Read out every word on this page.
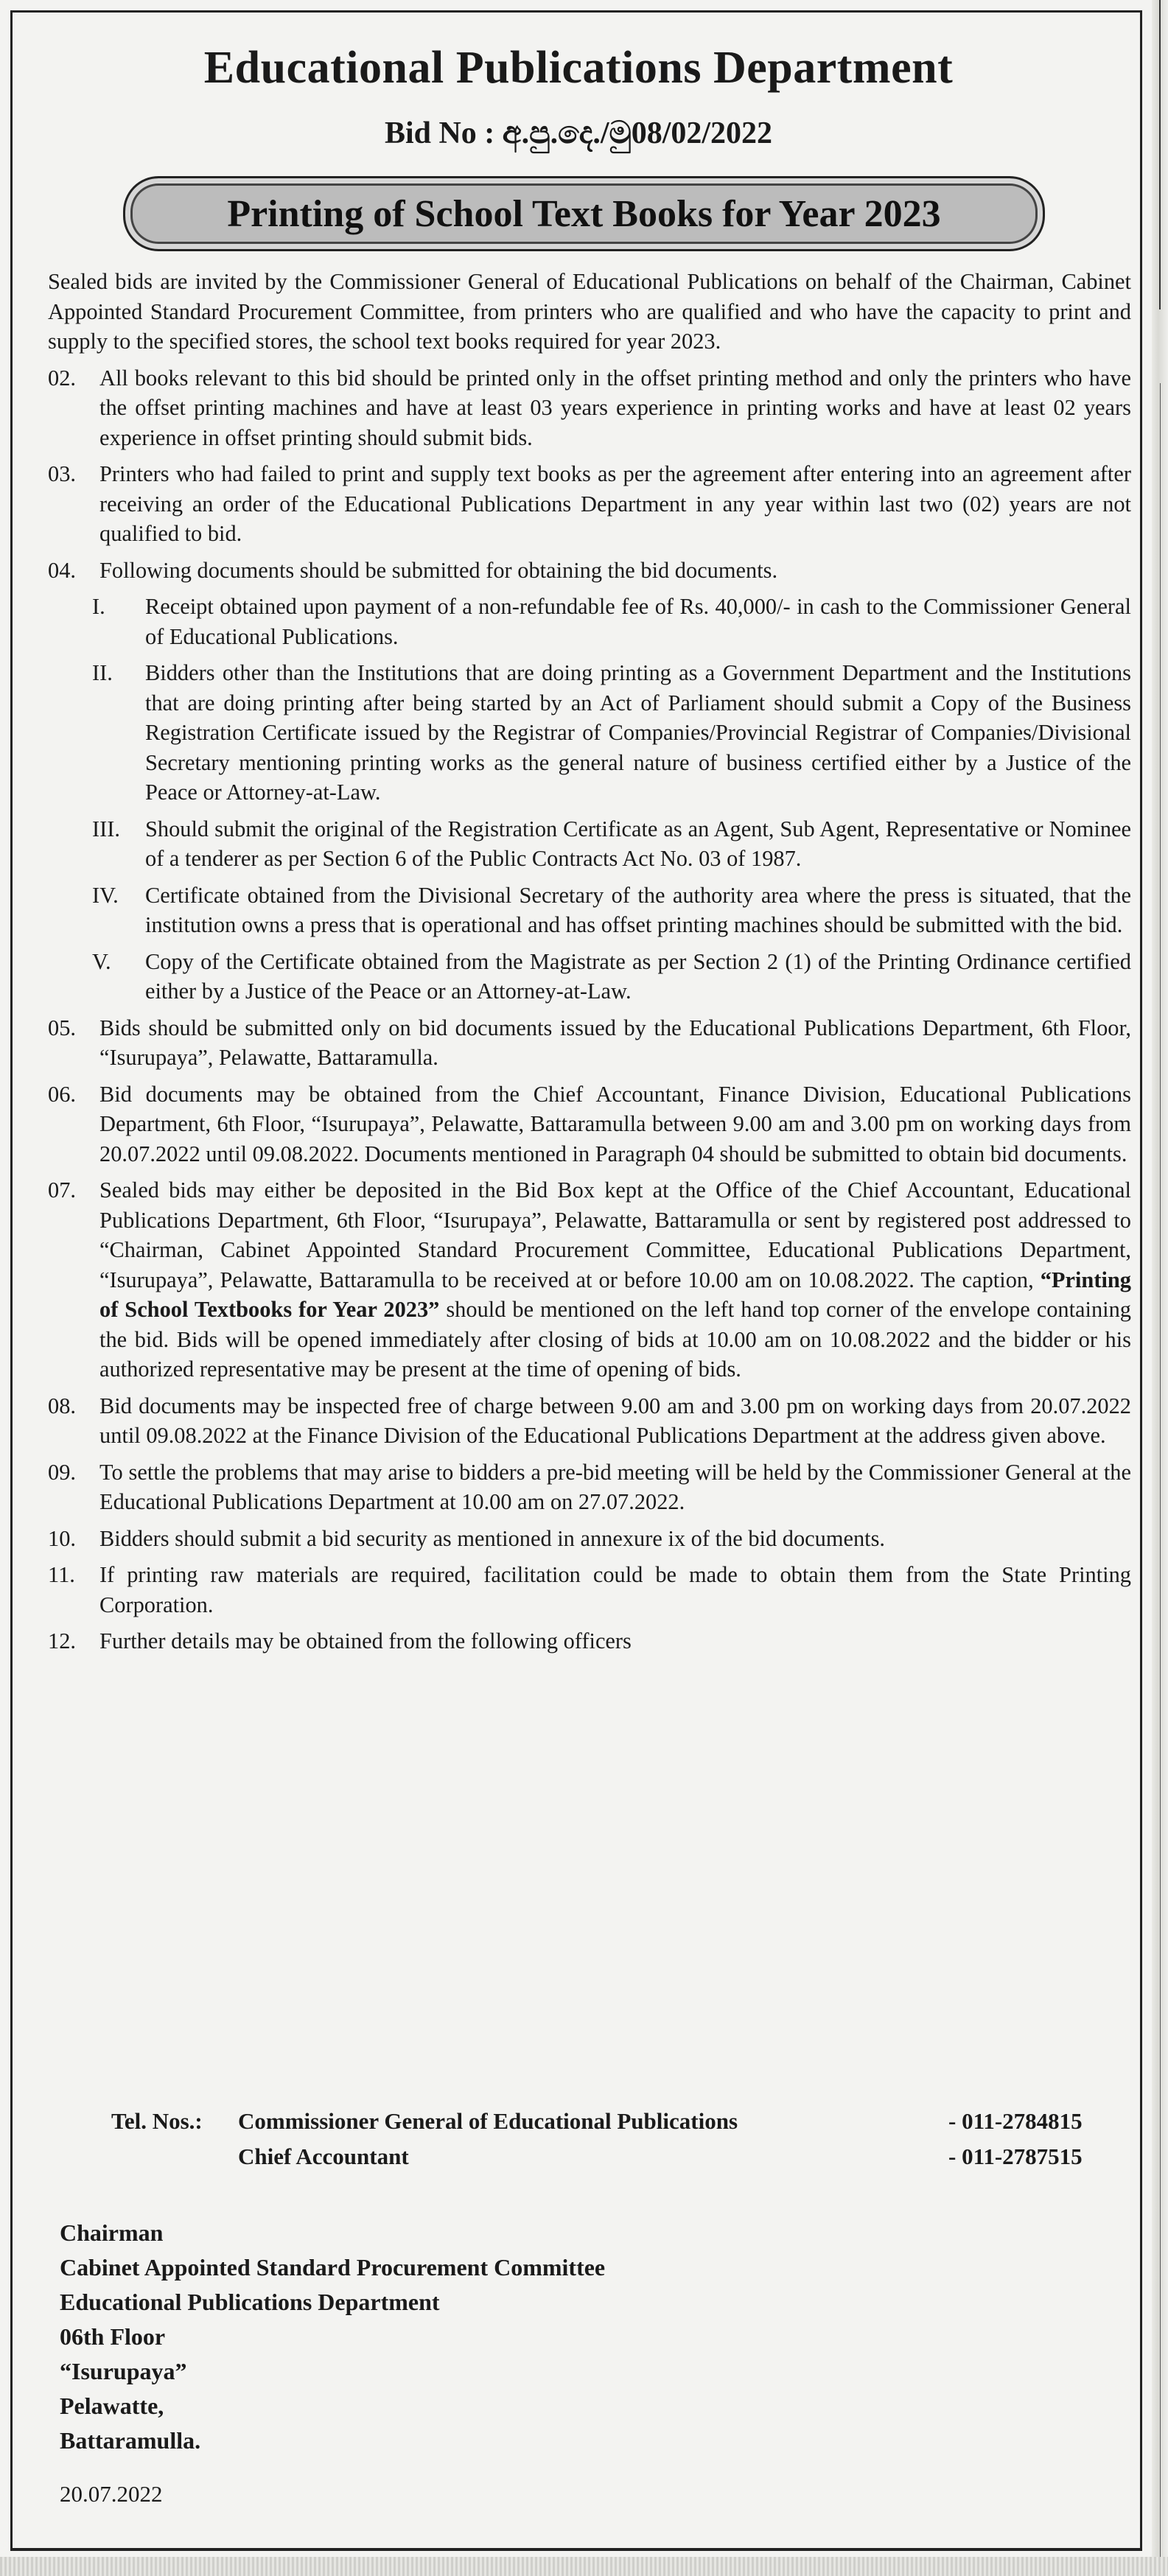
Educational Publications Department
Bid No : අ.පු.දෙ./මු08/02/2022
Printing of School Text Books for Year 2023

Sealed bids are invited by the Commissioner General of Educational Publications on behalf of the Chairman, Cabinet Appointed Standard Procurement Committee, from printers who are qualified and who have the capacity to print and supply to the specified stores, the school text books required for year 2023.

02.	All books relevant to this bid should be printed only in the offset printing method and only the printers who have the offset printing machines and have at least 03 years experience in printing works and have at least 02 years experience in offset printing should submit bids.
03.	Printers who had failed to print and supply text books as per the agreement after entering into an agreement after receiving an order of the Educational Publications Department in any year within last two (02) years are not qualified to bid.
04.	Following documents should be submitted for obtaining the bid documents.
I.	Receipt obtained upon payment of a non-refundable fee of Rs. 40,000/- in cash to the Commissioner General of Educational Publications.
II.	Bidders other than the Institutions that are doing printing as a Government Department and the Institutions that are doing printing after being started by an Act of Parliament should submit a Copy of the Business Registration Certificate issued by the Registrar of Companies/Provincial Registrar of Companies/Divisional Secretary mentioning printing works as the general nature of business certified either by a Justice of the Peace or Attorney-at-Law.
III.	Should submit the original of the Registration Certificate as an Agent, Sub Agent, Representative or Nominee of a tenderer as per Section 6 of the Public Contracts Act No. 03 of 1987.
IV.	Certificate obtained from the Divisional Secretary of the authority area where the press is situated, that the institution owns a press that is operational and has offset printing machines should be submitted with the bid.
V.	Copy of the Certificate obtained from the Magistrate as per Section 2 (1) of the Printing Ordinance certified either by a Justice of the Peace or an Attorney-at-Law.
05.	Bids should be submitted only on bid documents issued by the Educational Publications Department, 6th Floor, “Isurupaya”, Pelawatte, Battaramulla.
06.	Bid documents may be obtained from the Chief Accountant, Finance Division, Educational Publications Department, 6th Floor, “Isurupaya”, Pelawatte, Battaramulla between 9.00 am and 3.00 pm on working days from 20.07.2022 until 09.08.2022. Documents mentioned in Paragraph 04 should be submitted to obtain bid documents.
07.	Sealed bids may either be deposited in the Bid Box kept at the Office of the Chief Accountant, Educational Publications Department, 6th Floor, “Isurupaya”, Pelawatte, Battaramulla or sent by registered post addressed to “Chairman, Cabinet Appointed Standard Procurement Committee, Educational Publications Department, “Isurupaya”, Pelawatte, Battaramulla to be received at or before 10.00 am on 10.08.2022. The caption, “Printing of School Textbooks for Year 2023” should be mentioned on the left hand top corner of the envelope containing the bid. Bids will be opened immediately after closing of bids at 10.00 am on 10.08.2022 and the bidder or his authorized representative may be present at the time of opening of bids.
08.	Bid documents may be inspected free of charge between 9.00 am and 3.00 pm on working days from 20.07.2022 until 09.08.2022 at the Finance Division of the Educational Publications Department at the address given above.
09.	To settle the problems that may arise to bidders a pre-bid meeting will be held by the Commissioner General at the Educational Publications Department at 10.00 am on 27.07.2022.
10.	Bidders should submit a bid security as mentioned in annexure ix of the bid documents.
11.	If printing raw materials are required, facilitation could be made to obtain them from the State Printing Corporation.
12.	Further details may be obtained from the following officers
Tel. Nos.:	Commissioner General of Educational Publications	- 011-2784815
Chief Accountant	- 011-2787515
Chairman
Cabinet Appointed Standard Procurement Committee
Educational Publications Department
06th Floor
“Isurupaya”
Pelawatte,
Battaramulla.
20.07.2022
